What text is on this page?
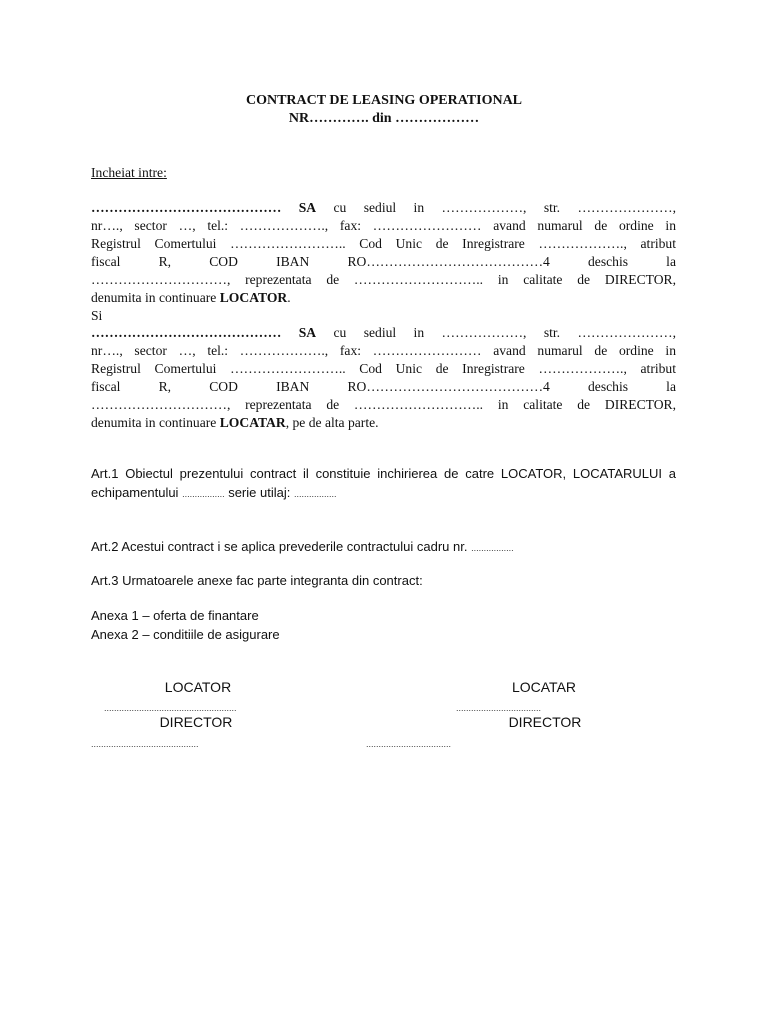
CONTRACT DE LEASING OPERATIONAL
NR…………. din ………………
Incheiat intre:
…………………………………… SA cu sediul in ………………, str. …………………,
nr…., sector …, tel.: ………………., fax: …………………… avand numarul de ordine in
Registrul Comertului …………………….. Cod Unic de Inregistrare ………………., atribut
fiscal R, COD IBAN RO…………………………………4 deschis la
…………………………, reprezentata de ……………………….. in calitate de DIRECTOR,
denumita in continuare LOCATOR.
Si
…………………………………… SA cu sediul in ………………, str. …………………,
nr…., sector …, tel.: ………………., fax: …………………… avand numarul de ordine in
Registrul Comertului …………………….. Cod Unic de Inregistrare ………………., atribut
fiscal R, COD IBAN RO…………………………………4 deschis la
…………………………, reprezentata de ……………………….. in calitate de DIRECTOR,
denumita in continuare LOCATAR, pe de alta parte.
Art.1 Obiectul prezentului contract il constituie inchirierea de catre LOCATOR, LOCATARULUI a
echipamentului ................. serie utilaj: .................
Art.2 Acestui contract i se aplica prevederile contractului cadru nr. .................
Art.3 Urmatoarele anexe fac parte integranta din contract:
Anexa 1 – oferta de finantare
Anexa 2 – conditiile de asigurare
LOCATOR
.....................................................
DIRECTOR
...........................................
LOCATAR
..................................
DIRECTOR
..................................
